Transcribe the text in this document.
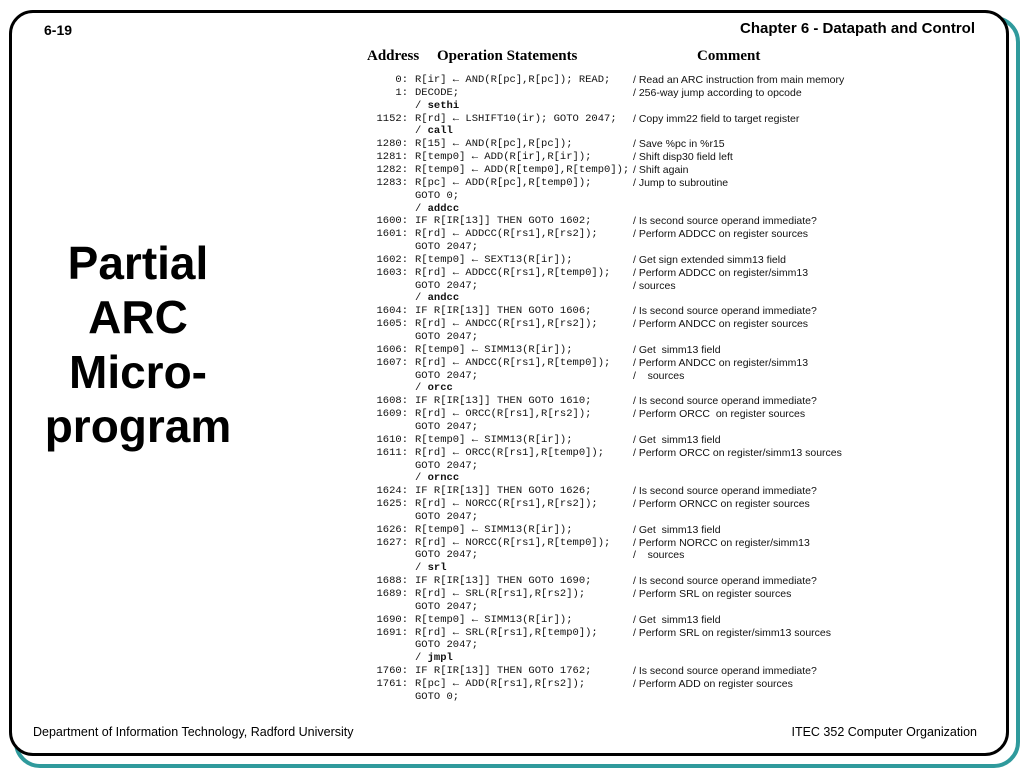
6-19	Chapter 6 - Datapath and Control
Partial
ARC
Micro-
program
Address Operation Statements	Comment
0: R[ir] ← AND(R[pc],R[pc]); READ; / Read an ARC instruction from main memory
1: DECODE;	/ 256-way jump according to opcode
/ sethi
1152: R[rd] ← LSHIFT10(ir); GOTO 2047; / Copy imm22 field to target register
/ call
1280: R[15] ← AND(R[pc],R[pc]);	/ Save %pc in %r15
1281: R[temp0] ← ADD(R[ir],R[ir]);	/ Shift disp30 field left
1282: R[temp0] ← ADD(R[temp0],R[temp0]); / Shift again
1283: R[pc] ← ADD(R[pc],R[temp0]);	/ Jump to subroutine
GOTO 0;
/ addcc
1600: IF R[IR[13]] THEN GOTO 1602;	/ Is second source operand immediate?
1601: R[rd] ← ADDCC(R[rs1],R[rs2]);	/ Perform ADDCC on register sources
GOTO 2047;
1602: R[temp0] ← SEXT13(R[ir]);	/ Get sign extended simm13 field
1603: R[rd] ← ADDCC(R[rs1],R[temp0]); / Perform ADDCC on register/simm13
GOTO 2047;	/ sources
/ andcc
1604: IF R[IR[13]] THEN GOTO 1606;	/ Is second source operand immediate?
1605: R[rd] ← ANDCC(R[rs1],R[rs2]);	/ Perform ANDCC on register sources
GOTO 2047;
1606: R[temp0] ← SIMM13(R[ir]);	/ Get  simm13 field
1607: R[rd] ← ANDCC(R[rs1],R[temp0]); / Perform ANDCC on register/simm13
GOTO 2047;	/    sources
/ orcc
1608: IF R[IR[13]] THEN GOTO 1610;	/ Is second source operand immediate?
1609: R[rd] ← ORCC(R[rs1],R[rs2]);	/ Perform ORCC  on register sources
GOTO 2047;
1610: R[temp0] ← SIMM13(R[ir]);	/ Get  simm13 field
1611: R[rd] ← ORCC(R[rs1],R[temp0]);	/ Perform ORCC on register/simm13 sources
GOTO 2047;
/ orncc
1624: IF R[IR[13]] THEN GOTO 1626;	/ Is second source operand immediate?
1625: R[rd] ← NORCC(R[rs1],R[rs2]);	/ Perform ORNCC on register sources
GOTO 2047;
1626: R[temp0] ← SIMM13(R[ir]);	/ Get  simm13 field
1627: R[rd] ← NORCC(R[rs1],R[temp0]); / Perform NORCC on register/simm13
GOTO 2047;	/    sources
/ srl
1688: IF R[IR[13]] THEN GOTO 1690;	/ Is second source operand immediate?
1689: R[rd] ← SRL(R[rs1],R[rs2]);	/ Perform SRL on register sources
GOTO 2047;
1690: R[temp0] ← SIMM13(R[ir]);	/ Get  simm13 field
1691: R[rd] ← SRL(R[rs1],R[temp0]);	/ Perform SRL on register/simm13 sources
GOTO 2047;
/ jmpl
1760: IF R[IR[13]] THEN GOTO 1762;	/ Is second source operand immediate?
1761: R[pc] ← ADD(R[rs1],R[rs2]);	/ Perform ADD on register sources
GOTO 0;
Department of Information Technology, Radford University	ITEC 352 Computer Organization
